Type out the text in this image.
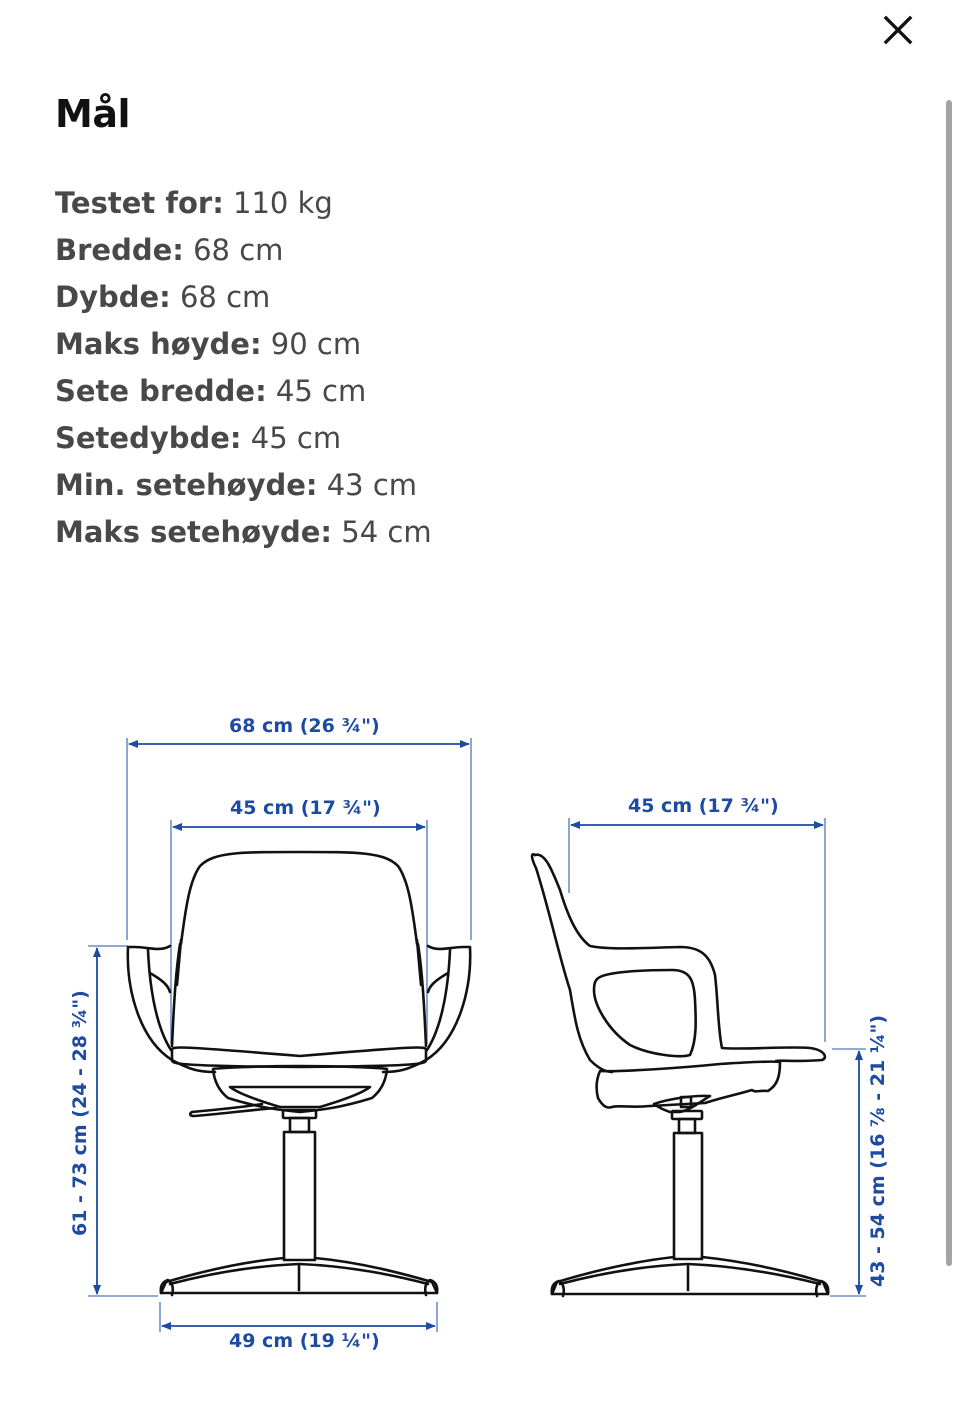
Mål
Testet for: 110 kg
Bredde: 68 cm
Dybde: 68 cm
Maks høyde: 90 cm
Sete bredde: 45 cm
Setedybde: 45 cm
Min. setehøyde: 43 cm
Maks setehøyde: 54 cm
68 cm (26 ¾")
45 cm (17 ¾")
49 cm (19 ¼")
45 cm (17 ¾")
61 - 73 cm (24 - 28 ¾")	43 - 54 cm (16 ⅞ - 21 ¼")
